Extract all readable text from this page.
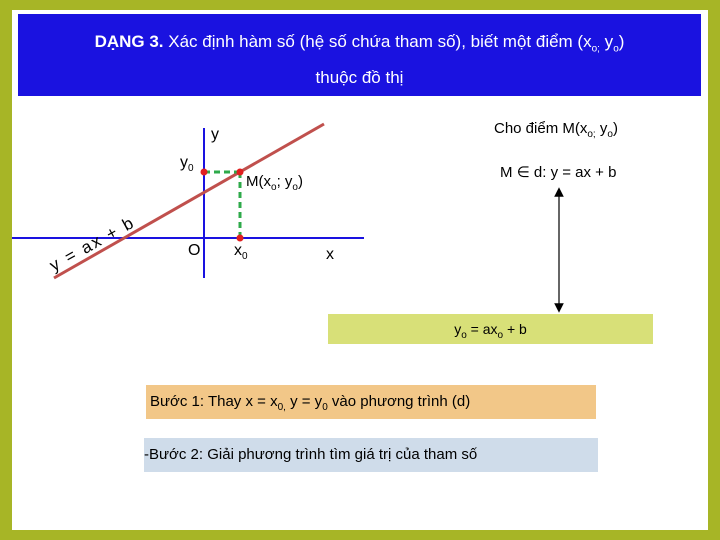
DẠNG 3. Xác định hàm số (hệ số chứa tham số), biết một điểm ($x_{o;}$ $y_o$)
thuộc đồ thị
y
$y_0$
$M(x_o$; $y_o$)
O $x_0$	x
y = ax + b
Cho điểm $M(x_{o;}$ $y_o$)
M ∈ d: y = ax + b
$y_o = ax_o + b$
Bước 1: Thay $x = x_{0,}$ $y = y_0$ vào phương trình (d)
-Bước 2: Giải phương trình tìm giá trị của tham số
